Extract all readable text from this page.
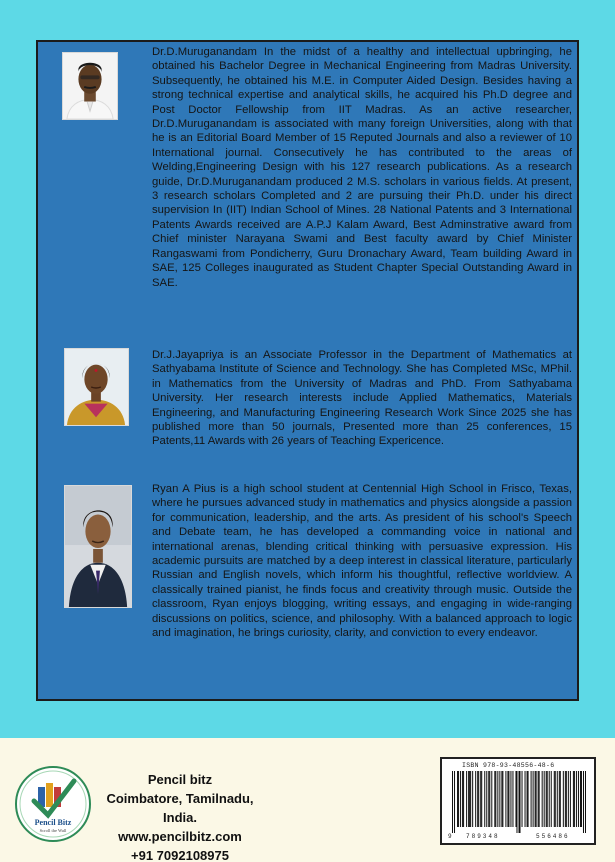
Dr.D.Muruganandam In the midst of a healthy and intellectual upbringing, he obtained his Bachelor Degree in Mechanical Engineering from Madras University. Subsequently, he obtained his M.E. in Computer Aided Design. Besides having a strong technical expertise and analytical skills, he acquired his Ph.D degree and Post Doctor Fellowship from IIT Madras. As an active researcher, Dr.D.Muruganandam is associated with many foreign Universities, along with that he is an Editorial Board Member of 15 Reputed Journals and also a reviewer of 10 International journal. Consecutively he has contributed to the areas of Welding,Engineering Design with his 127 research publications. As a research guide, Dr.D.Muruganandam produced 2 M.S. scholars in various fields. At present, 3 research scholars Completed and 2 are pursuing their Ph.D. under his direct supervision In (IIT) Indian School of Mines. 28 National Patents and 3 International Patents Awards received are A.P.J Kalam Award, Best Adminstrative award from Chief minister Narayana Swami and Best faculty award by Chief Minister Rangaswami from Pondicherry, Guru Dronachary Award, Team building Award in SAE, 125 Colleges inaugurated as Student Chapter Special Outstanding Award in SAE.
Dr.J.Jayapriya is an Associate Professor in the Department of Mathematics at Sathyabama Institute of Science and Technology. She has Completed MSc, MPhil. in Mathematics from the University of Madras and PhD. From Sathyabama University. Her research interests include Applied Mathematics, Materials Engineering, and Manufacturing Engineering Research Work Since 2025 she has published more than 50 journals, Presented more than 25 conferences, 15 Patents,11 Awards with 26 years of Teaching Expericence.
Ryan A Pius is a high school student at Centennial High School in Frisco, Texas, where he pursues advanced study in mathematics and physics alongside a passion for communication, leadership, and the arts. As president of his school's Speech and Debate team, he has developed a commanding voice in national and international arenas, blending critical thinking with persuasive expression. His academic pursuits are matched by a deep interest in classical literature, particularly Russian and English novels, which inform his thoughtful, reflective worldview. A classically trained pianist, he finds focus and creativity through music. Outside the classroom, Ryan enjoys blogging, writing essays, and engaging in wide-ranging discussions on politics, science, and philosophy. With a balanced approach to logic and imagination, he brings curiosity, clarity, and conviction to every endeavor.
Pencil Bitz
Scroll the Wall
Pencil bitz
Coimbatore, Tamilnadu, India.
www.pencilbitz.com
+91 7092108975
ISBN 978-93-48556-48-6
9 789348	556486
